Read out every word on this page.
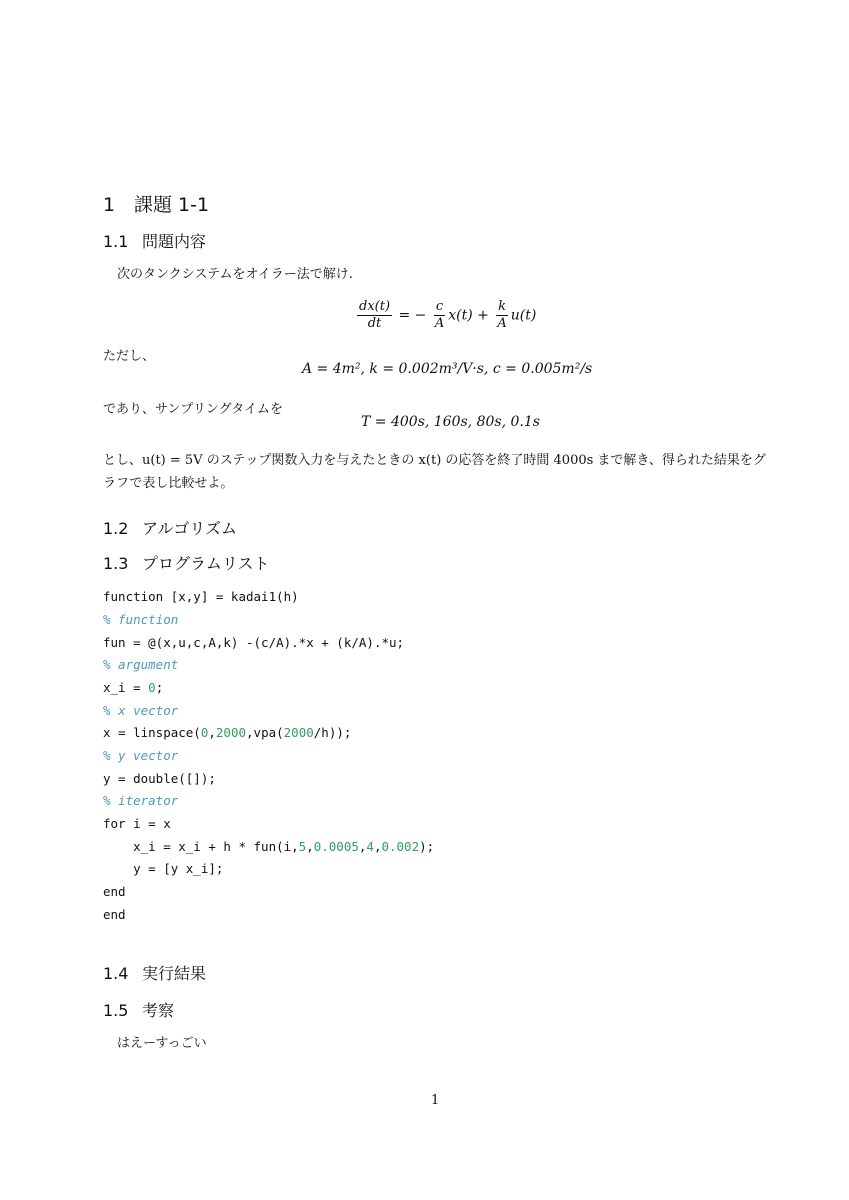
1 課題 1-1
1.1 問題内容
次のタンクシステムをオイラー法で解け.
$\frac{dx(t)}{dt}$ = − $\frac{c}{A} x(t) + \frac{k}{A} u(t)$
ただし、
A = 4m², k = 0.002m³/V·s, c = 0.005m²/s
であり、サンプリングタイムを
T = 400s, 160s, 80s, 0.1s
とし、u(t) = 5V のステップ関数入力を与えたときの x(t) の応答を終了時間 4000s まで解き、得られた結果をグ
ラフで表し比較せよ。
1.2 アルゴリズム
1.3 プログラムリスト
function [x,y] = kadai1(h)
% function
fun = @(x,u,c,A,k) -(c/A).*x + (k/A).*u;
% argument
x_i = 0;
% x vector
x = linspace(0,2000,vpa(2000/h));
% y vector
y = double([]);
% iterator
for i = x
x_i = x_i + h * fun(i,5,0.0005,4,0.002);
y = [y x_i];
end
end
1.4 実行結果
1.5 考察
はえーすっごい
1
